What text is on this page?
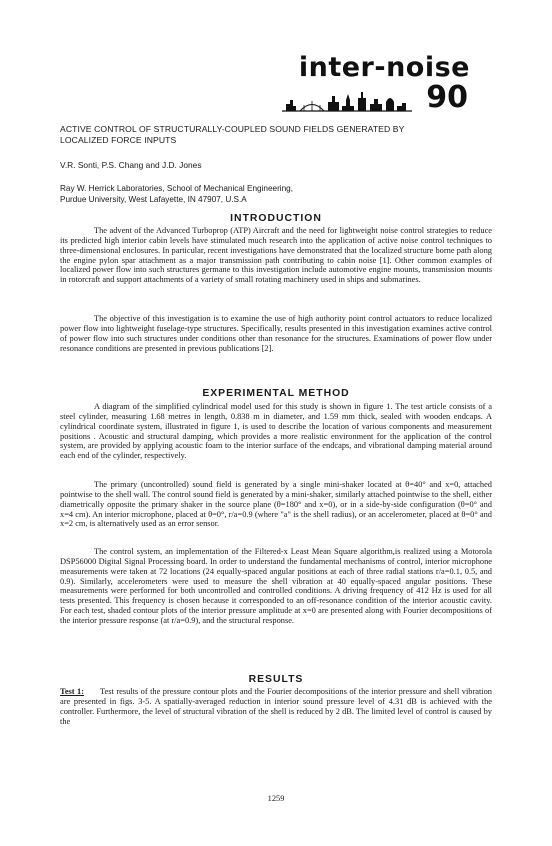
inter-noise
90
ACTIVE CONTROL OF STRUCTURALLY-COUPLED SOUND FIELDS GENERATED BY
LOCALIZED FORCE INPUTS
V.R. Sonti, P.S. Chang and J.D. Jones
Ray W. Herrick Laboratories, School of Mechanical Engineering,
Purdue University, West Lafayette, IN 47907, U.S.A
INTRODUCTION

The advent of the Advanced Turboprop (ATP) Aircraft and the need for lightweight noise control strategies to reduce its predicted high interior cabin levels have stimulated much research into the application of active noise control techniques to three-dimensional enclosures. In particular, recent investigations have demonstrated that the localized structure borne path along the engine pylon spar attachment as a major transmission path contributing to cabin noise [1]. Other common examples of localized power flow into such structures germane to this investigation include automotive engine mounts, transmission mounts in rotorcraft and support attachments of a variety of small rotating machinery used in ships and submarines.

The objective of this investigation is to examine the use of high authority point control actuators to reduce localized power flow into lightweight fuselage-type structures. Specifically, results presented in this investigation examines active control of power flow into such structures under conditions other than resonance for the structures. Examinations of power flow under resonance conditions are presented in previous publications [2].

EXPERIMENTAL METHOD

A diagram of the simplified cylindrical model used for this study is shown in figure 1. The test article consists of a steel cylinder, measuring 1.68 metres in length, 0.838 m in diameter, and 1.59 mm thick, sealed with wooden endcaps. A cylindrical coordinate system, illustrated in figure 1, is used to describe the location of various components and measurement positions . Acoustic and structural damping, which provides a more realistic environment for the application of the control system, are provided by applying acoustic foam to the interior surface of the endcaps, and vibrational damping material around each end of the cylinder, respectively.

The primary (uncontrolled) sound field is generated by a single mini-shaker located at θ=40° and x=0, attached pointwise to the shell wall. The control sound field is generated by a mini-shaker, similarly attached pointwise to the shell, either diametrically opposite the primary shaker in the source plane (θ=180° and x=0), or in a side-by-side configuration (θ=0° and x=4 cm). An interior microphone, placed at θ=0°, r/a=0.9 (where "a" is the shell radius), or an accelerometer, placed at θ=0° and x=2 cm, is alternatively used as an error sensor.

The control system, an implementation of the Filtered-x Least Mean Square algorithm,is realized using a Motorola DSP56000 Digital Signal Processing board. In order to understand the fundamental mechanisms of control, interior microphone measurements were taken at 72 locations (24 equally-spaced angular positions at each of three radial stations r/a=0.1, 0.5, and 0.9). Similarly, accelerometers were used to measure the shell vibration at 40 equally-spaced angular positions. These measurements were performed for both uncontrolled and controlled conditions. A driving frequency of 412 Hz is used for all tests presented. This frequency is chosen because it corresponded to an off-resonance condition of the interior acoustic cavity. For each test, shaded contour plots of the interior pressure amplitude at x=0 are presented along with Fourier decompositions of the interior pressure response (at r/a=0.9), and the structural response.

RESULTS

Test 1: Test results of the pressure contour plots and the Fourier decompositions of the interior pressure and shell vibration are presented in figs. 3-5. A spatially-averaged reduction in interior sound pressure level of 4.31 dB is achieved with the controller. Furthermore, the level of structural vibration of the shell is reduced by 2 dB. The limited level of control is caused by the

1259
